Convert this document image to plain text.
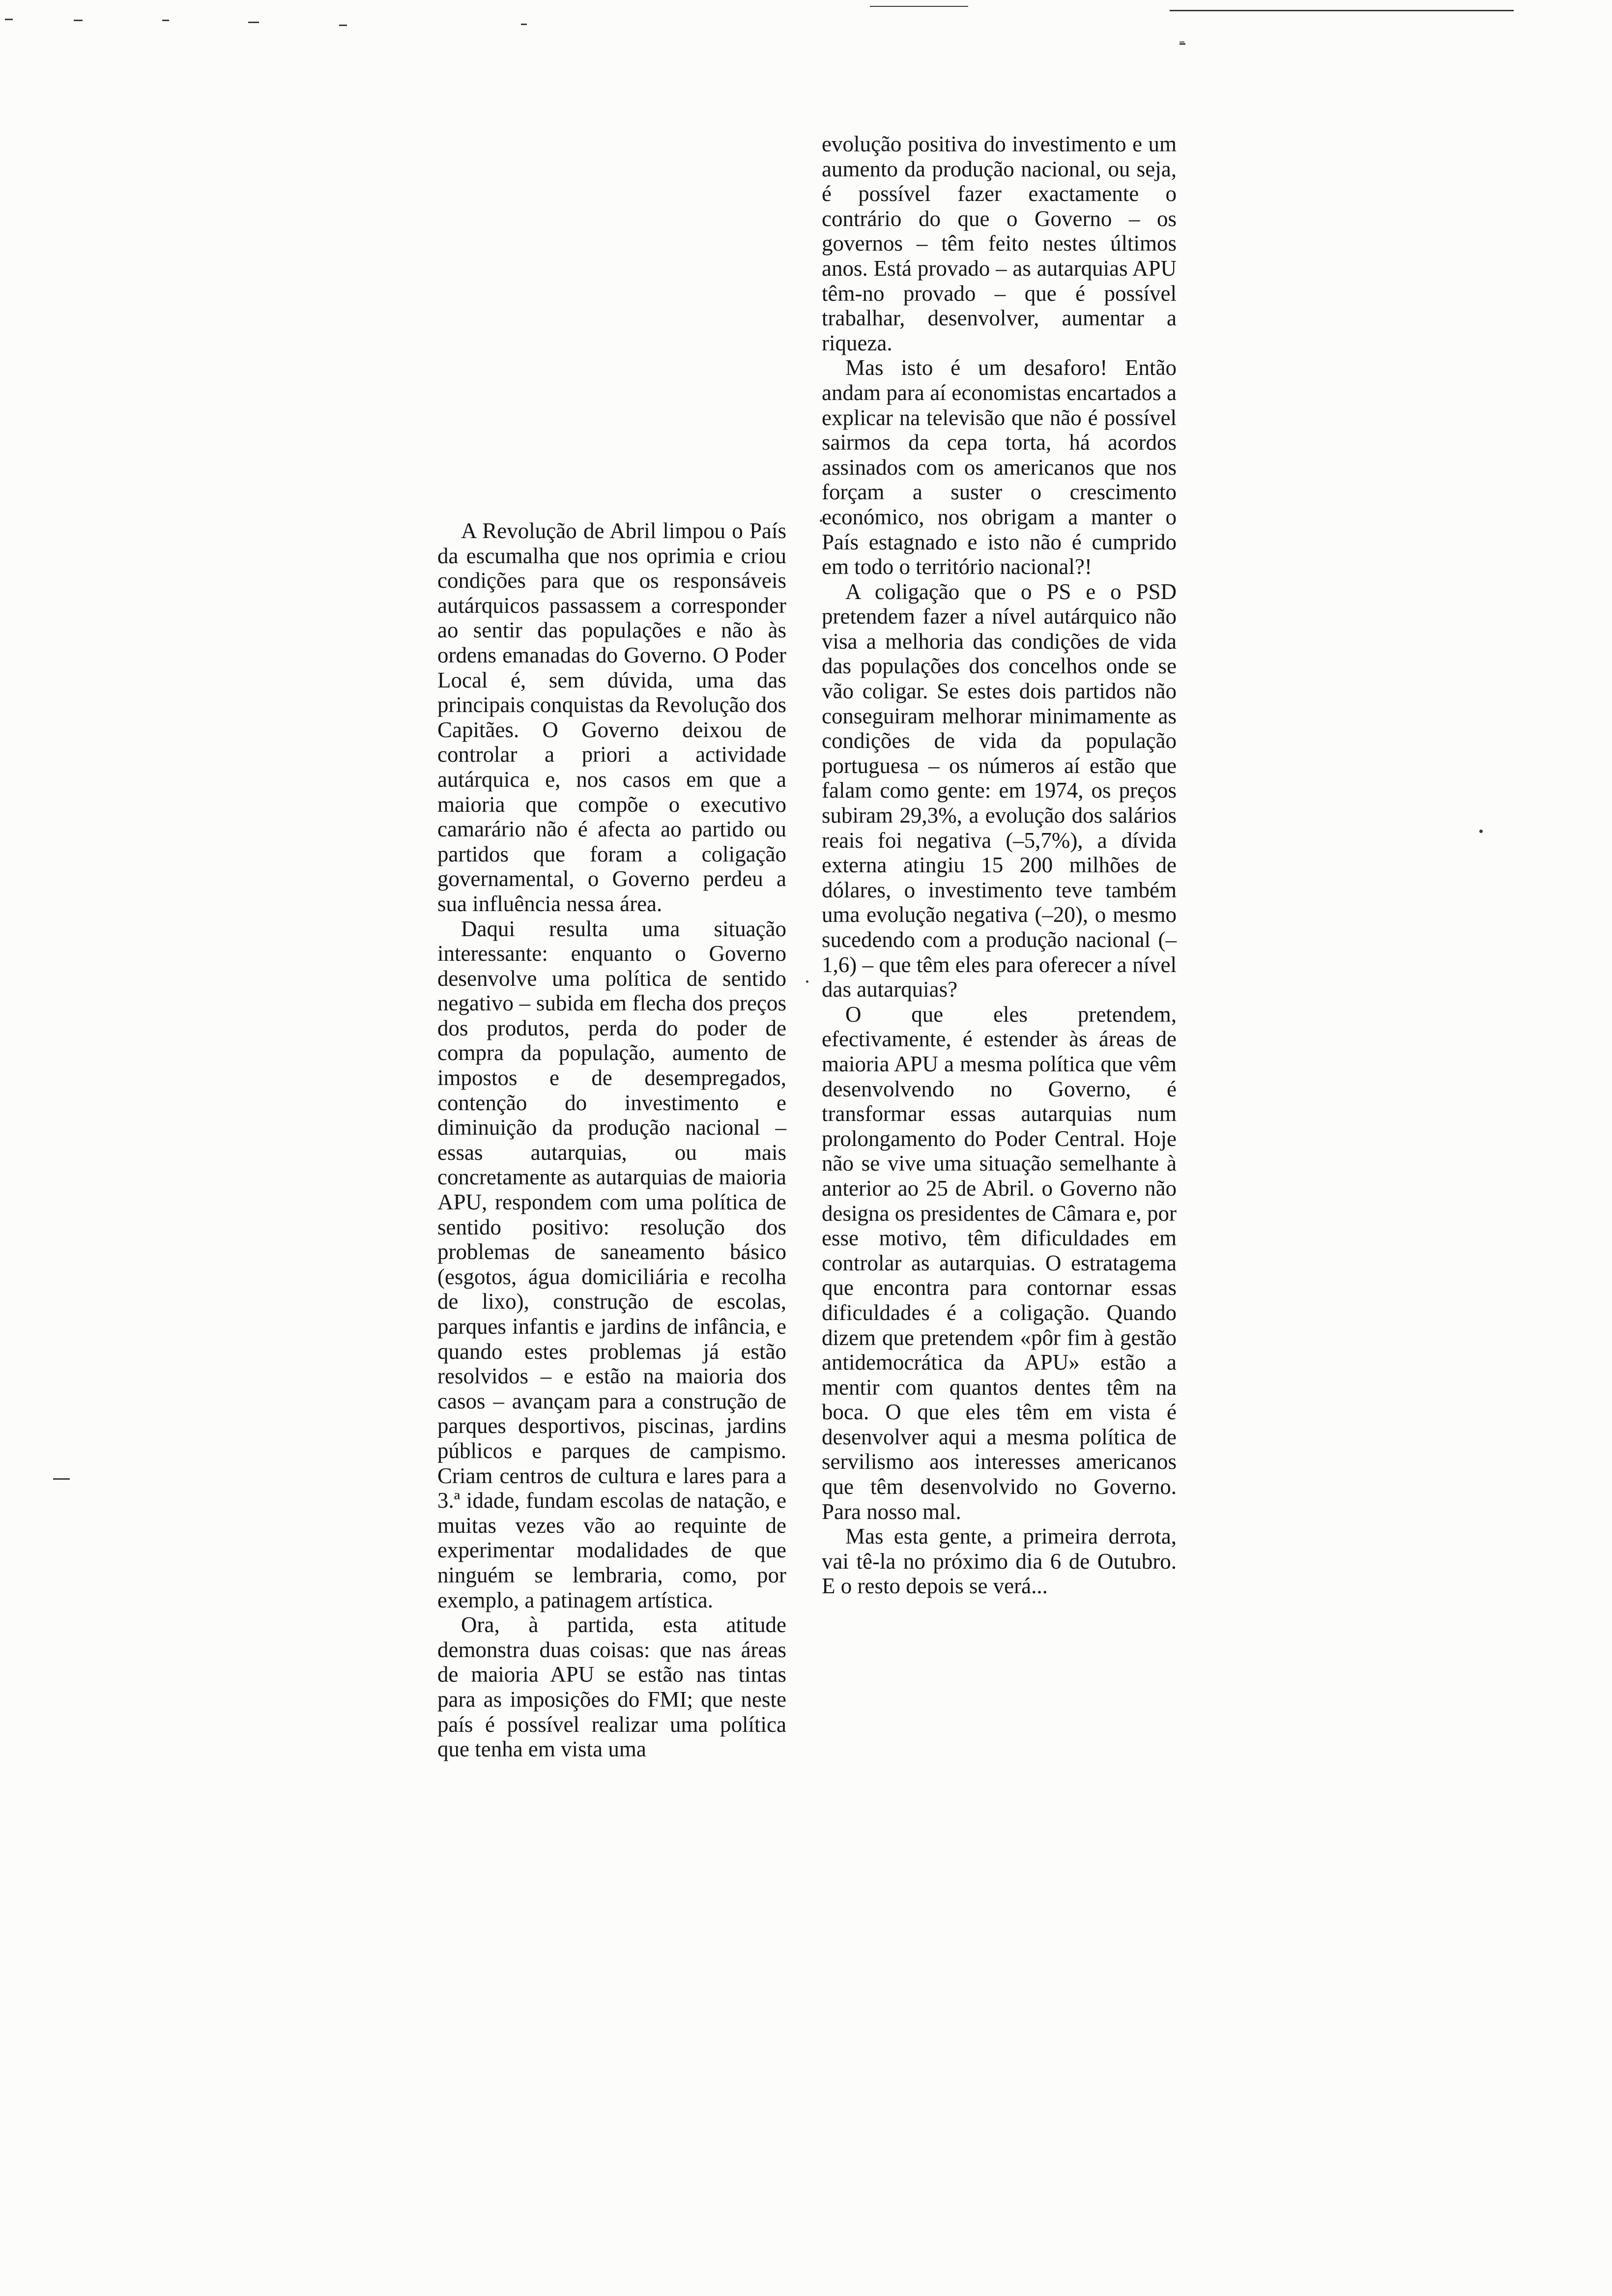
A Revolução de Abril limpou o País da escumalha que nos oprimia e criou condições para que os responsáveis autárquicos passassem a corresponder ao sentir das populações e não às ordens emanadas do Governo. O Poder Local é, sem dúvida, uma das principais conquistas da Revolução dos Capitães. O Governo deixou de controlar a priori a actividade autárquica e, nos casos em que a maioria que compõe o executivo camarário não é afecta ao partido ou partidos que foram a coligação governamental, o Governo perdeu a sua influência nessa área.

Daqui resulta uma situação interessante: enquanto o Governo desenvolve uma política de sentido negativo – subida em flecha dos preços dos produtos, perda do poder de compra da população, aumento de impostos e de desempregados, contenção do investimento e diminuição da produção nacional – essas autarquias, ou mais concretamente as autarquias de maioria APU, respondem com uma política de sentido positivo: resolução dos problemas de saneamento básico (esgotos, água domiciliária e recolha de lixo), construção de escolas, parques infantis e jardins de infância, e quando estes problemas já estão resolvidos – e estão na maioria dos casos – avançam para a construção de parques desportivos, piscinas, jardins públicos e parques de campismo. Criam centros de cultura e lares para a 3.ª idade, fundam escolas de natação, e muitas vezes vão ao requinte de experimentar modalidades de que ninguém se lembraria, como, por exemplo, a patinagem artística.

Ora, à partida, esta atitude demonstra duas coisas: que nas áreas de maioria APU se estão nas tintas para as imposições do FMI; que neste país é possível realizar uma política que tenha em vista uma

evolução positiva do investimento e um aumento da produção nacional, ou seja, é possível fazer exactamente o contrário do que o Governo – os governos – têm feito nestes últimos anos. Está provado – as autarquias APU têm-no provado – que é possível trabalhar, desenvolver, aumentar a riqueza.

Mas isto é um desaforo! Então andam para aí economistas encartados a explicar na televisão que não é possível sairmos da cepa torta, há acordos assinados com os americanos que nos forçam a suster o crescimento económico, nos obrigam a manter o País estagnado e isto não é cumprido em todo o território nacional?!

A coligação que o PS e o PSD pretendem fazer a nível autárquico não visa a melhoria das condições de vida das populações dos concelhos onde se vão coligar. Se estes dois partidos não conseguiram melhorar minimamente as condições de vida da população portuguesa – os números aí estão que falam como gente: em 1974, os preços subiram 29,3%, a evolução dos salários reais foi negativa (–5,7%), a dívida externa atingiu 15 200 milhões de dólares, o investimento teve também uma evolução negativa (–20), o mesmo sucedendo com a produção nacional (–1,6) – que têm eles para oferecer a nível das autarquias?

O que eles pretendem, efectivamente, é estender às áreas de maioria APU a mesma política que vêm desenvolvendo no Governo, é transformar essas autarquias num prolongamento do Poder Central. Hoje não se vive uma situação semelhante à anterior ao 25 de Abril. o Governo não designa os presidentes de Câmara e, por esse motivo, têm dificuldades em controlar as autarquias. O estratagema que encontra para contornar essas dificuldades é a coligação. Quando dizem que pretendem «pôr fim à gestão antidemocrática da APU» estão a mentir com quantos dentes têm na boca. O que eles têm em vista é desenvolver aqui a mesma política de servilismo aos interesses americanos que têm desenvolvido no Governo. Para nosso mal.

Mas esta gente, a primeira derrota, vai tê-la no próximo dia 6 de Outubro. E o resto depois se verá...
